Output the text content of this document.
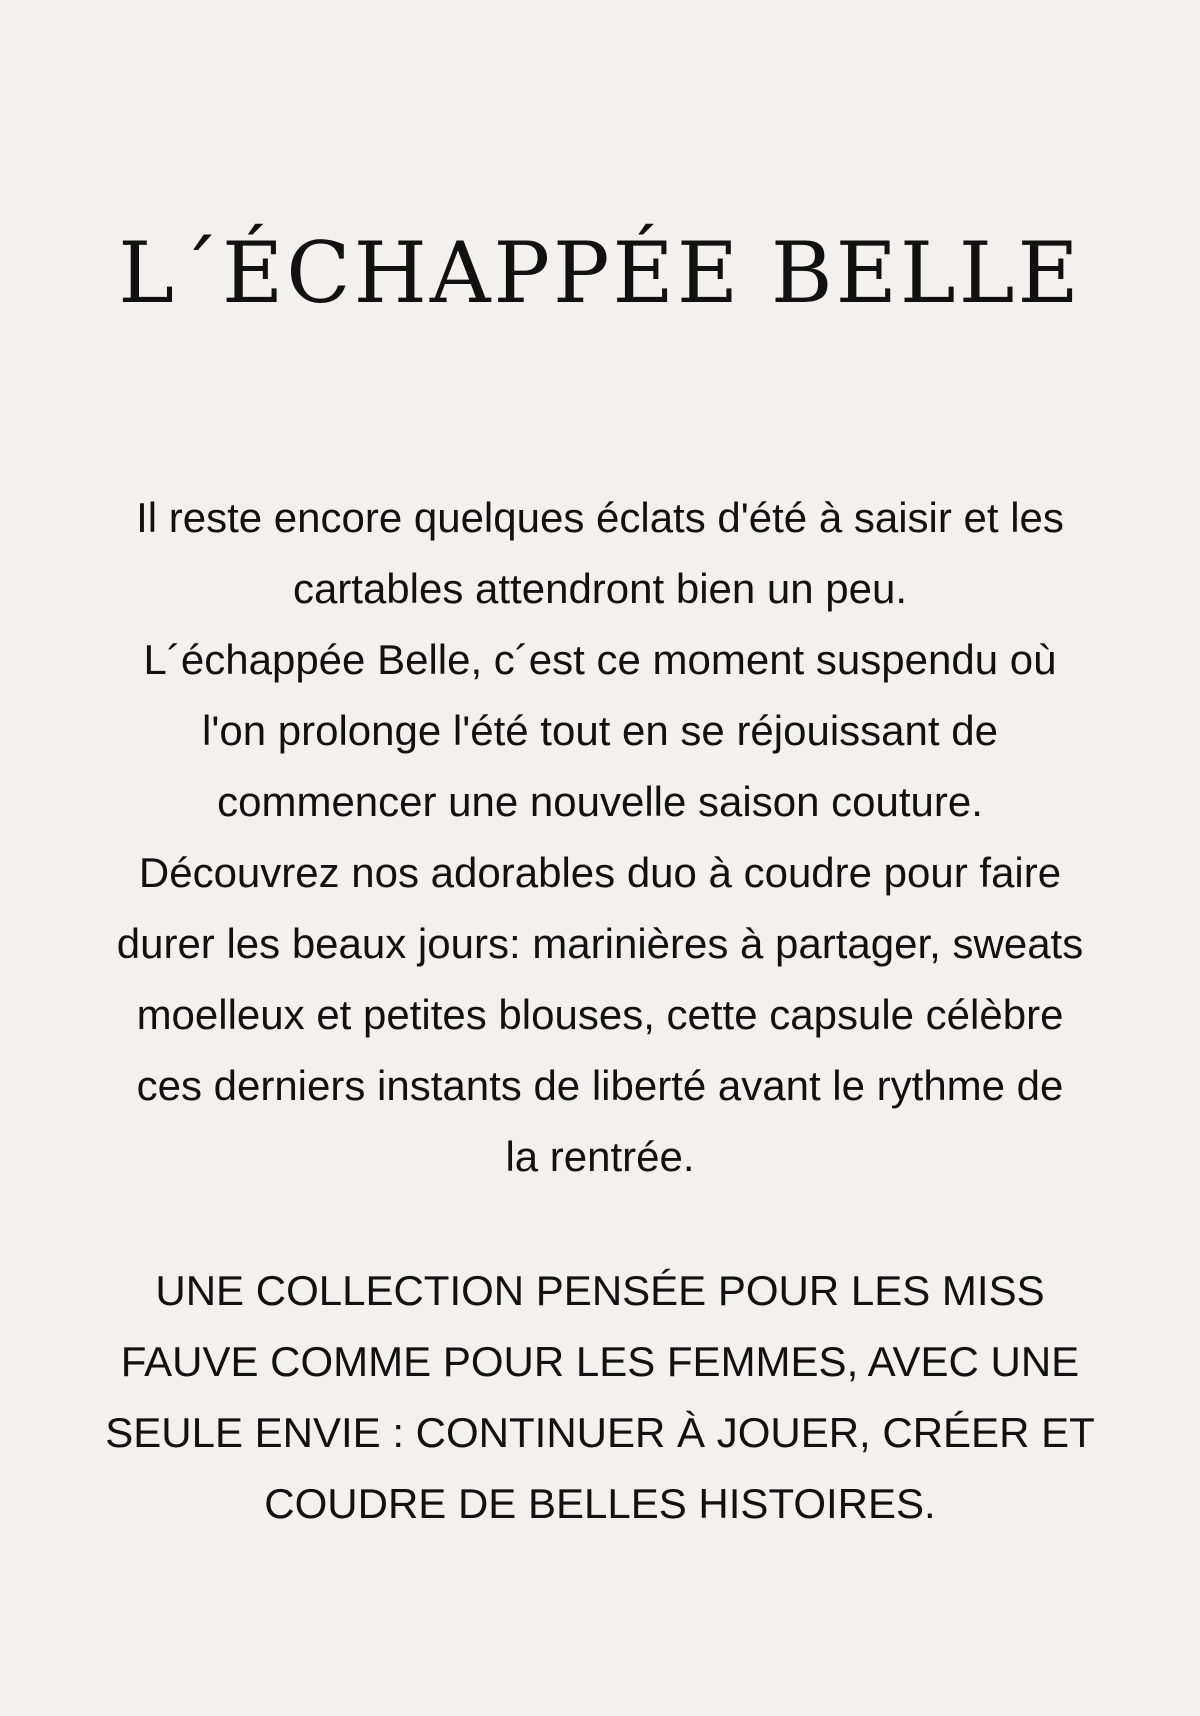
L´ÉCHAPPÉE BELLE

Il reste encore quelques éclats d'été à saisir et les
cartables attendront bien un peu.
L´échappée Belle, c´est ce moment suspendu où
l'on prolonge l'été tout en se réjouissant de
commencer une nouvelle saison couture.
Découvrez nos adorables duo à coudre pour faire
durer les beaux jours: marinières à partager, sweats
moelleux et petites blouses, cette capsule célèbre
ces derniers instants de liberté avant le rythme de
la rentrée.

UNE COLLECTION PENSÉE POUR LES MISS
FAUVE COMME POUR LES FEMMES, AVEC UNE
SEULE ENVIE : CONTINUER À JOUER, CRÉER ET
COUDRE DE BELLES HISTOIRES.
